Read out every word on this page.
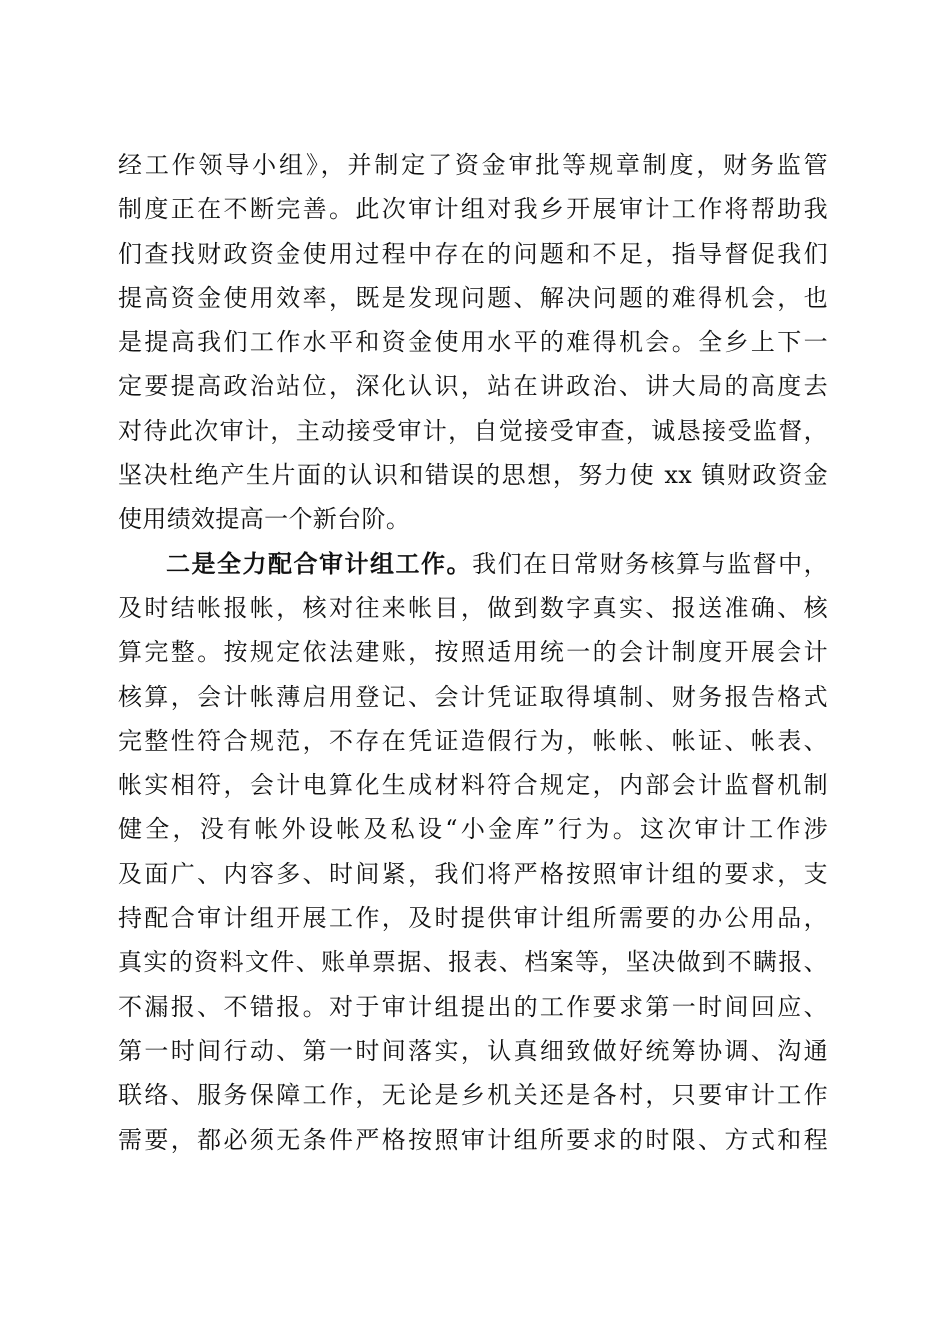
经工作领导小组》，并制定了资金审批等规章制度，财务监管
制度正在不断完善。此次审计组对我乡开展审计工作将帮助我
们查找财政资金使用过程中存在的问题和不足，指导督促我们
提高资金使用效率，既是发现问题、解决问题的难得机会，也
是提高我们工作水平和资金使用水平的难得机会。全乡上下一
定要提高政治站位，深化认识，站在讲政治、讲大局的高度去
对待此次审计，主动接受审计，自觉接受审查，诚恳接受监督，
坚决杜绝产生片面的认识和错误的思想，努力使 xx 镇财政资金
使用绩效提高一个新台阶。
二是全力配合审计组工作。我们在日常财务核算与监督中，
及时结帐报帐，核对往来帐目，做到数字真实、报送准确、核
算完整。按规定依法建账，按照适用统一的会计制度开展会计
核算，会计帐薄启用登记、会计凭证取得填制、财务报告格式
完整性符合规范，不存在凭证造假行为，帐帐、帐证、帐表、
帐实相符，会计电算化生成材料符合规定，内部会计监督机制
健全，没有帐外设帐及私设“小金库”行为。这次审计工作涉
及面广、内容多、时间紧，我们将严格按照审计组的要求，支
持配合审计组开展工作，及时提供审计组所需要的办公用品，
真实的资料文件、账单票据、报表、档案等，坚决做到不瞒报、
不漏报、不错报。对于审计组提出的工作要求第一时间回应、
第一时间行动、第一时间落实，认真细致做好统筹协调、沟通
联络、服务保障工作，无论是乡机关还是各村，只要审计工作
需要，都必须无条件严格按照审计组所要求的时限、方式和程
